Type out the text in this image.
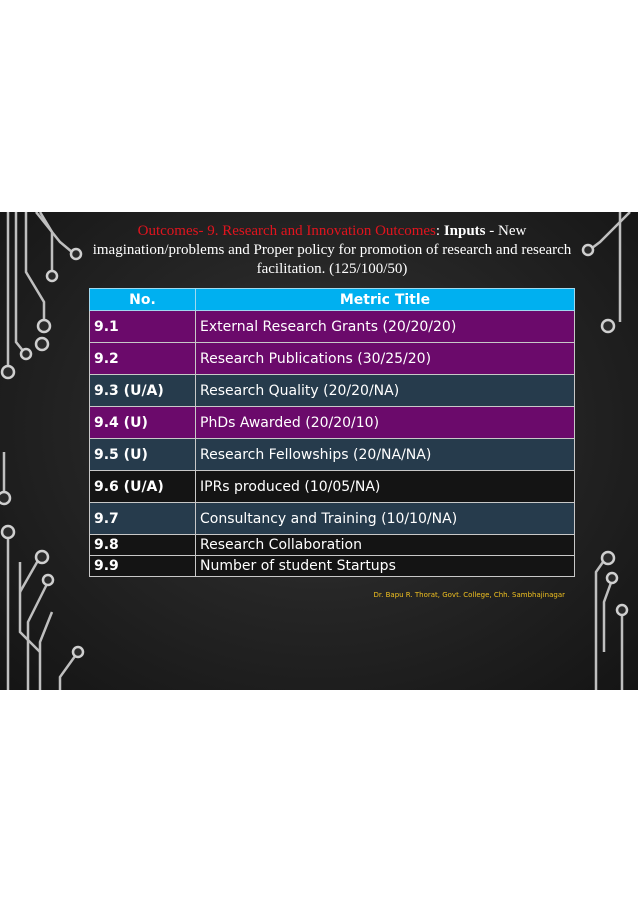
Outcomes- 9. Research and Innovation Outcomes: Inputs - New imagination/problems and Proper policy for promotion of research and research facilitation. (125/100/50)
No.	Metric Title
9.1	External Research Grants (20/20/20)
9.2	Research Publications (30/25/20)
9.3 (U/A)	Research Quality (20/20/NA)
9.4 (U)	PhDs Awarded (20/20/10)
9.5 (U)	Research Fellowships (20/NA/NA)
9.6 (U/A)	IPRs produced (10/05/NA)
9.7	Consultancy and Training (10/10/NA)
9.8	Research Collaboration
9.9	Number of student Startups
Dr. Bapu R. Thorat, Govt. College, Chh. Sambhajinagar
